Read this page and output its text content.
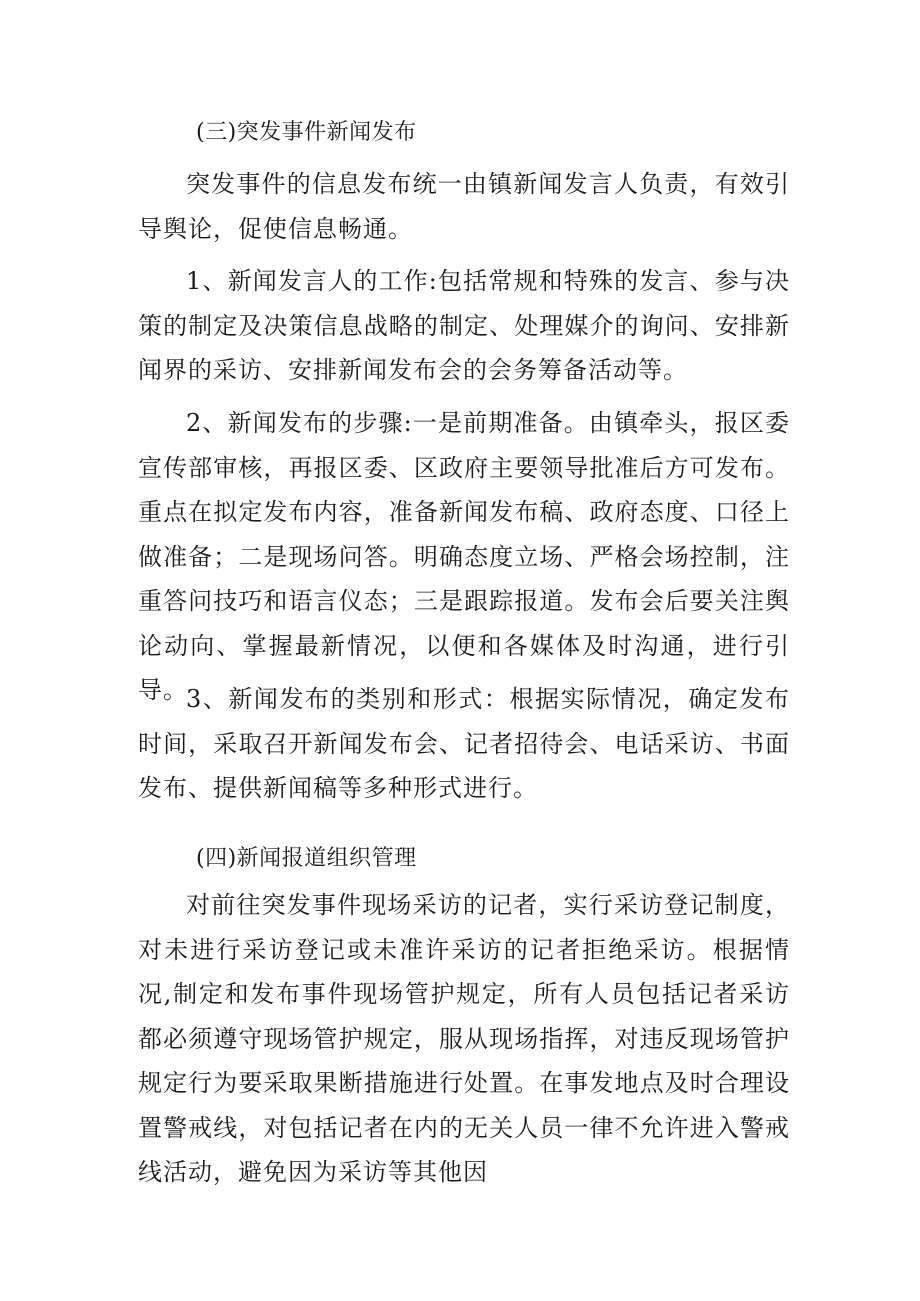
(三)突发事件新闻发布

突发事件的信息发布统一由镇新闻发言人负责，有效引导舆论，促使信息畅通。

1、新闻发言人的工作:包括常规和特殊的发言、参与决策的制定及决策信息战略的制定、处理媒介的询问、安排新闻界的采访、安排新闻发布会的会务筹备活动等。

2、新闻发布的步骤:一是前期准备。由镇牵头，报区委宣传部审核，再报区委、区政府主要领导批准后方可发布。重点在拟定发布内容，准备新闻发布稿、政府态度、口径上做准备；二是现场问答。明确态度立场、严格会场控制，注重答问技巧和语言仪态；三是跟踪报道。发布会后要关注舆论动向、掌握最新情况，以便和各媒体及时沟通，进行引导。

3、新闻发布的类别和形式：根据实际情况，确定发布时间，采取召开新闻发布会、记者招待会、电话采访、书面发布、提供新闻稿等多种形式进行。

(四)新闻报道组织管理

对前往突发事件现场采访的记者，实行采访登记制度，对未进行采访登记或未准许采访的记者拒绝采访。根据情况,制定和发布事件现场管护规定，所有人员包括记者采访都必须遵守现场管护规定，服从现场指挥，对违反现场管护规定行为要采取果断措施进行处置。在事发地点及时合理设置警戒线，对包括记者在内的无关人员一律不允许进入警戒线活动，避免因为采访等其他因
